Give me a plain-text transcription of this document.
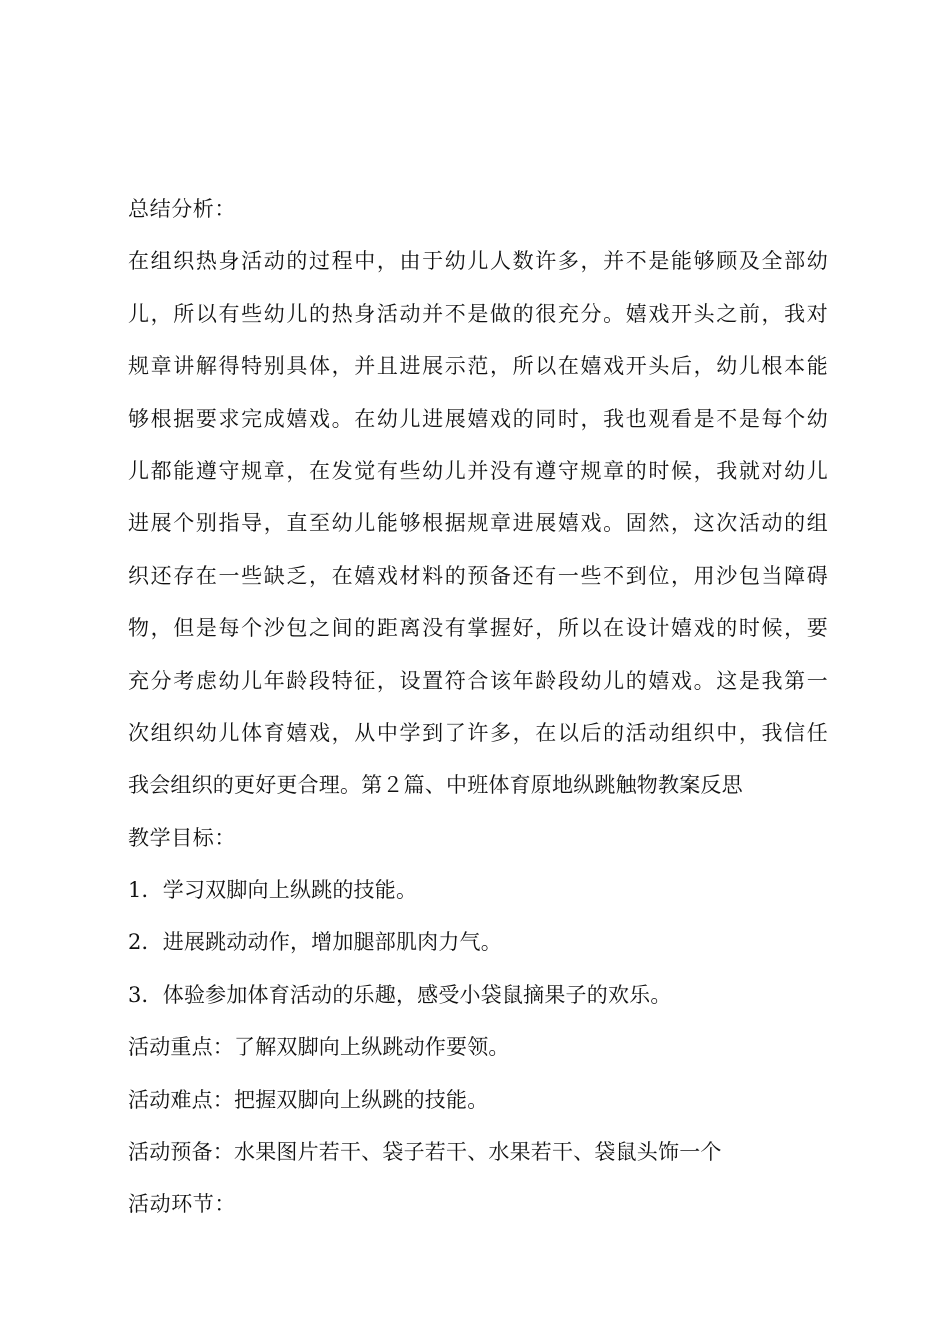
总结分析：
在组织热身活动的过程中，由于幼儿人数许多，并不是能够顾及全部幼
儿，所以有些幼儿的热身活动并不是做的很充分。嬉戏开头之前，我对
规章讲解得特别具体，并且进展示范，所以在嬉戏开头后，幼儿根本能
够根据要求完成嬉戏。在幼儿进展嬉戏的同时，我也观看是不是每个幼
儿都能遵守规章，在发觉有些幼儿并没有遵守规章的时候，我就对幼儿
进展个别指导，直至幼儿能够根据规章进展嬉戏。固然，这次活动的组
织还存在一些缺乏，在嬉戏材料的预备还有一些不到位，用沙包当障碍
物，但是每个沙包之间的距离没有掌握好，所以在设计嬉戏的时候，要
充分考虑幼儿年龄段特征，设置符合该年龄段幼儿的嬉戏。这是我第一
次组织幼儿体育嬉戏，从中学到了许多，在以后的活动组织中，我信任
我会组织的更好更合理。第２篇、中班体育原地纵跳触物教案反思
教学目标：
1．学习双脚向上纵跳的技能。
2．进展跳动动作，增加腿部肌肉力气。
3．体验参加体育活动的乐趣，感受小袋鼠摘果子的欢乐。
活动重点：了解双脚向上纵跳动作要领。
活动难点：把握双脚向上纵跳的技能。
活动预备：水果图片若干、袋子若干、水果若干、袋鼠头饰一个
活动环节：
